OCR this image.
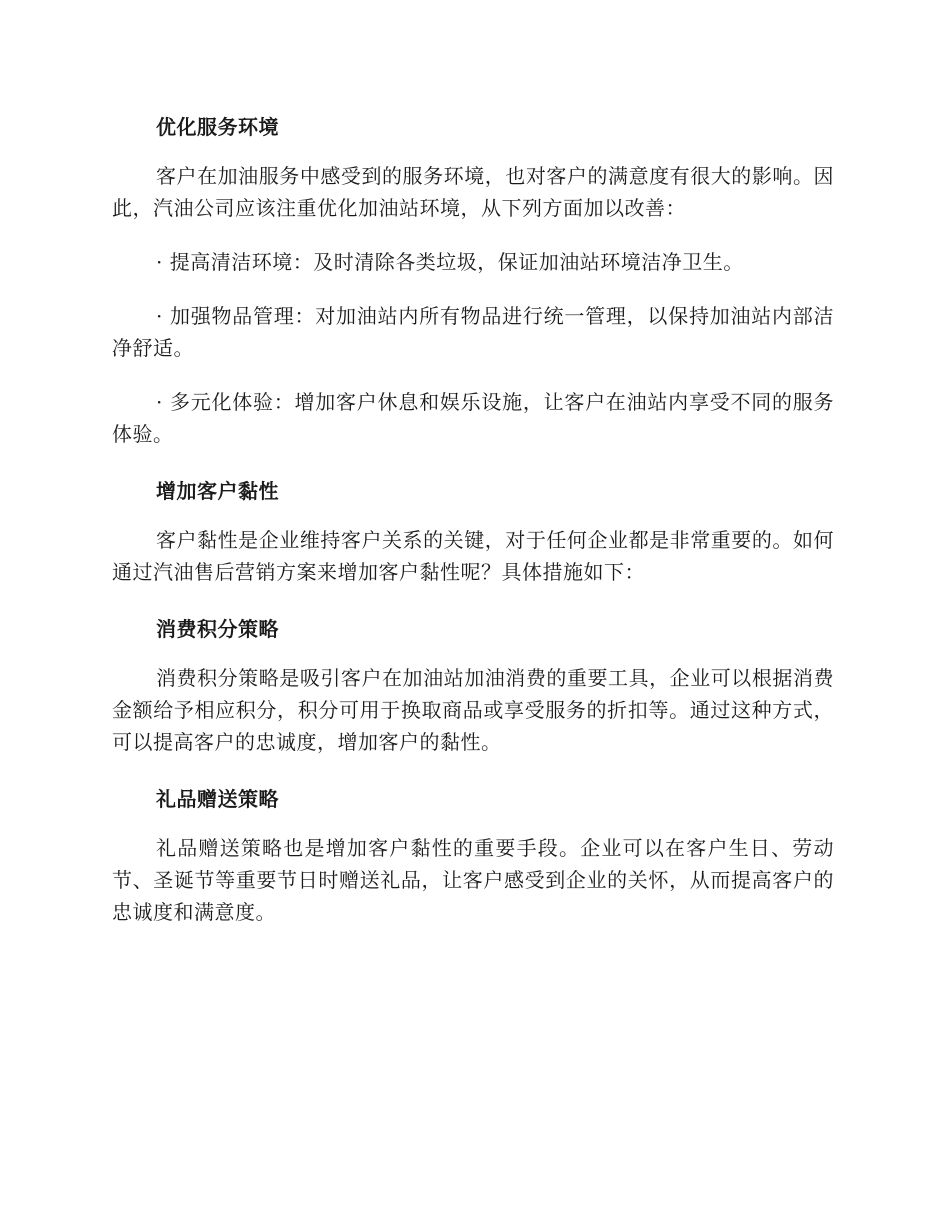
优化服务环境

客户在加油服务中感受到的服务环境，也对客户的满意度有很大的影响。因此，汽油公司应该注重优化加油站环境，从下列方面加以改善：

· 提高清洁环境：及时清除各类垃圾，保证加油站环境洁净卫生。

· 加强物品管理：对加油站内所有物品进行统一管理，以保持加油站内部洁净舒适。

· 多元化体验：增加客户休息和娱乐设施，让客户在油站内享受不同的服务体验。

增加客户黏性

客户黏性是企业维持客户关系的关键，对于任何企业都是非常重要的。如何通过汽油售后营销方案来增加客户黏性呢？具体措施如下：

消费积分策略

消费积分策略是吸引客户在加油站加油消费的重要工具，企业可以根据消费金额给予相应积分，积分可用于换取商品或享受服务的折扣等。通过这种方式，可以提高客户的忠诚度，增加客户的黏性。

礼品赠送策略

礼品赠送策略也是增加客户黏性的重要手段。企业可以在客户生日、劳动节、圣诞节等重要节日时赠送礼品，让客户感受到企业的关怀，从而提高客户的忠诚度和满意度。
